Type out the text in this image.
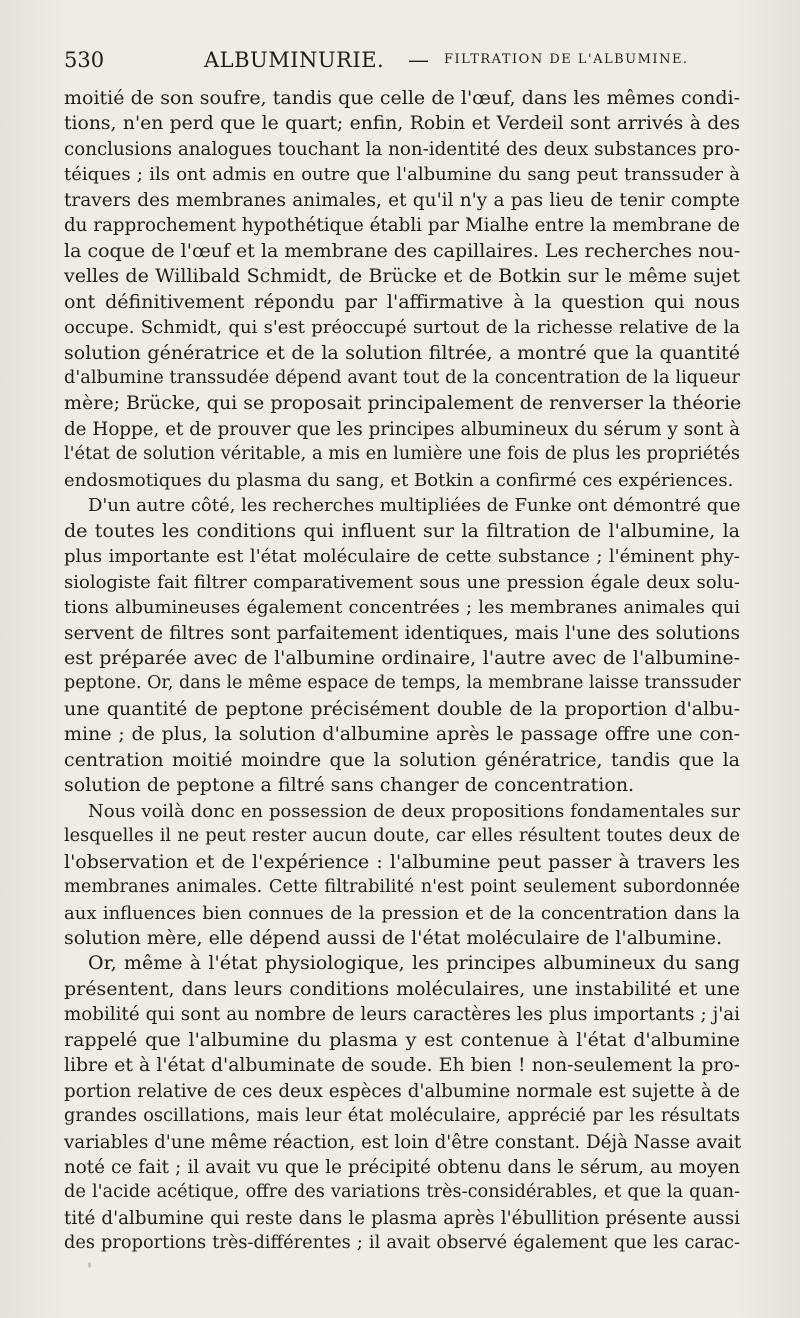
530	ALBUMINURIE. — FILTRATION DE L'ALBUMINE.
moitié de son soufre, tandis que celle de l'œuf, dans les mêmes condi-
tions, n'en perd que le quart; enfin, Robin et Verdeil sont arrivés à des
conclusions analogues touchant la non-identité des deux substances pro-
téiques ; ils ont admis en outre que l'albumine du sang peut transsuder à
travers des membranes animales, et qu'il n'y a pas lieu de tenir compte
du rapprochement hypothétique établi par Mialhe entre la membrane de
la coque de l'œuf et la membrane des capillaires. Les recherches nou-
velles de Willibald Schmidt, de Brücke et de Botkin sur le même sujet
ont définitivement répondu par l'affirmative à la question qui nous
occupe. Schmidt, qui s'est préoccupé surtout de la richesse relative de la
solution génératrice et de la solution filtrée, a montré que la quantité
d'albumine transsudée dépend avant tout de la concentration de la liqueur
mère; Brücke, qui se proposait principalement de renverser la théorie
de Hoppe, et de prouver que les principes albumineux du sérum y sont à
l'état de solution véritable, a mis en lumière une fois de plus les propriétés
endosmotiques du plasma du sang, et Botkin a confirmé ces expériences.
D'un autre côté, les recherches multipliées de Funke ont démontré que
de toutes les conditions qui influent sur la filtration de l'albumine, la
plus importante est l'état moléculaire de cette substance ; l'éminent phy-
siologiste fait filtrer comparativement sous une pression égale deux solu-
tions albumineuses également concentrées ; les membranes animales qui
servent de filtres sont parfaitement identiques, mais l'une des solutions
est préparée avec de l'albumine ordinaire, l'autre avec de l'albumine-
peptone. Or, dans le même espace de temps, la membrane laisse transsuder
une quantité de peptone précisément double de la proportion d'albu-
mine ; de plus, la solution d'albumine après le passage offre une con-
centration moitié moindre que la solution génératrice, tandis que la
solution de peptone a filtré sans changer de concentration.
Nous voilà donc en possession de deux propositions fondamentales sur
lesquelles il ne peut rester aucun doute, car elles résultent toutes deux de
l'observation et de l'expérience : l'albumine peut passer à travers les
membranes animales. Cette filtrabilité n'est point seulement subordonnée
aux influences bien connues de la pression et de la concentration dans la
solution mère, elle dépend aussi de l'état moléculaire de l'albumine.
Or, même à l'état physiologique, les principes albumineux du sang
présentent, dans leurs conditions moléculaires, une instabilité et une
mobilité qui sont au nombre de leurs caractères les plus importants ; j'ai
rappelé que l'albumine du plasma y est contenue à l'état d'albumine
libre et à l'état d'albuminate de soude. Eh bien ! non-seulement la pro-
portion relative de ces deux espèces d'albumine normale est sujette à de
grandes oscillations, mais leur état moléculaire, apprécié par les résultats
variables d'une même réaction, est loin d'être constant. Déjà Nasse avait
noté ce fait ; il avait vu que le précipité obtenu dans le sérum, au moyen
de l'acide acétique, offre des variations très-considérables, et que la quan-
tité d'albumine qui reste dans le plasma après l'ébullition présente aussi
des proportions très-différentes ; il avait observé également que les carac-
